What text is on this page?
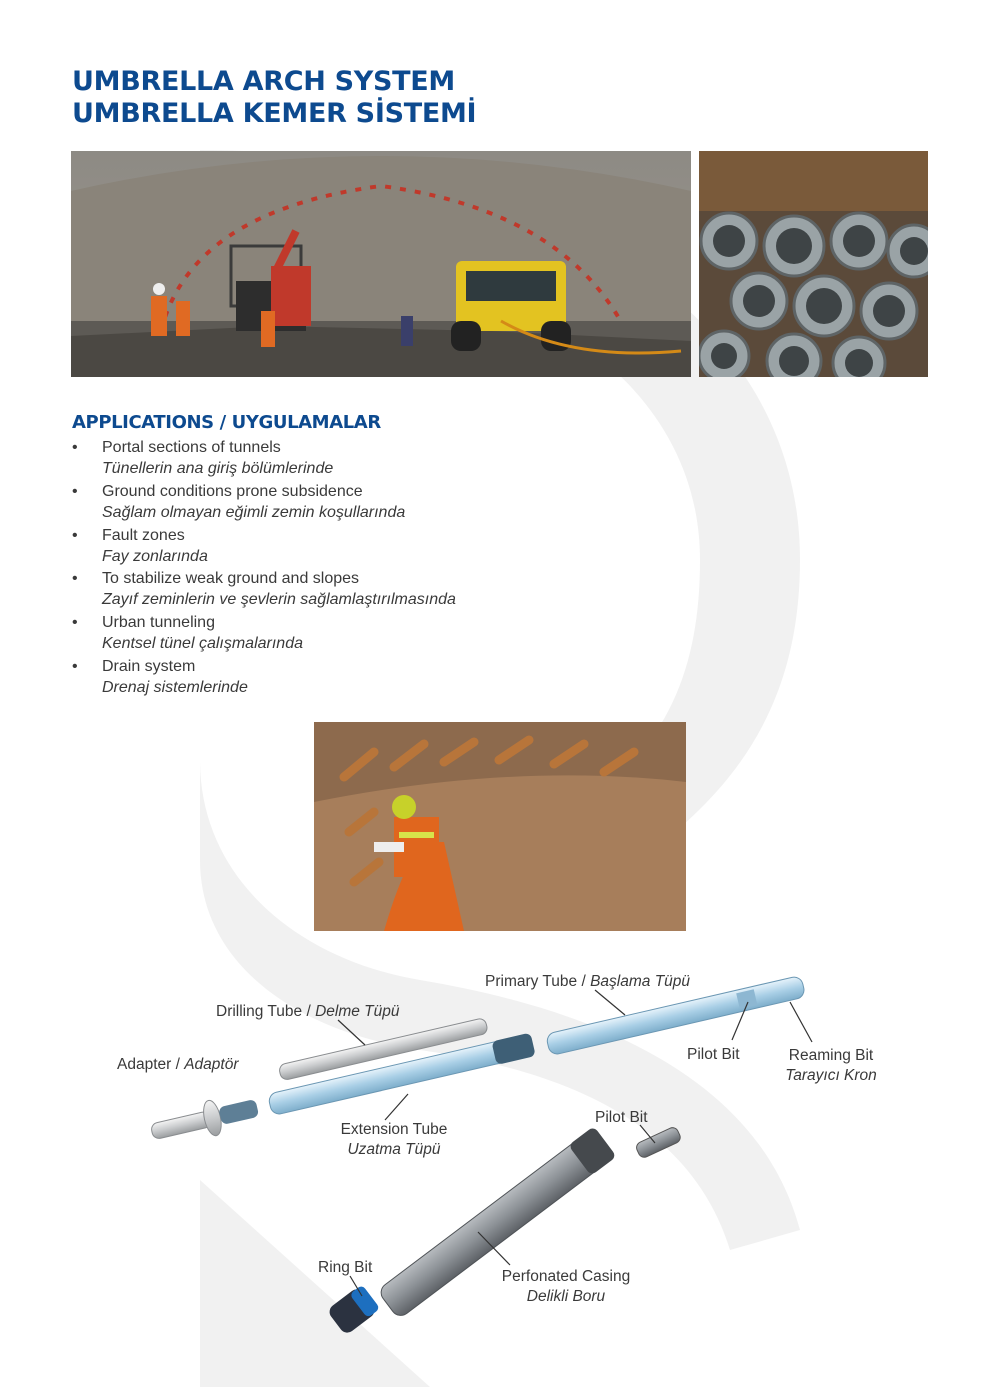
UMBRELLA ARCH SYSTEM
UMBRELLA KEMER SİSTEMİ
APPLICATIONS / UYGULAMALAR
• Portal sections of tunnels
Tünellerin ana giriş bölümlerinde
• Ground conditions prone subsidence
Sağlam olmayan eğimli zemin koşullarında
• Fault zones
Fay zonlarında
• To stabilize weak ground and slopes
Zayıf zeminlerin ve şevlerin sağlamlaştırılmasında
• Urban tunneling
Kentsel tünel çalışmalarında
• Drain system
Drenaj sistemlerinde
Primary Tube / Başlama Tüpü
Drilling Tube / Delme Tüpü
Adapter / Adaptör
Pilot Bit	Reaming Bit
Tarayıcı Kron
Extension Tube
Uzatma Tüpü
Pilot Bit
Ring Bit
Perfonated Casing
Delikli Boru
